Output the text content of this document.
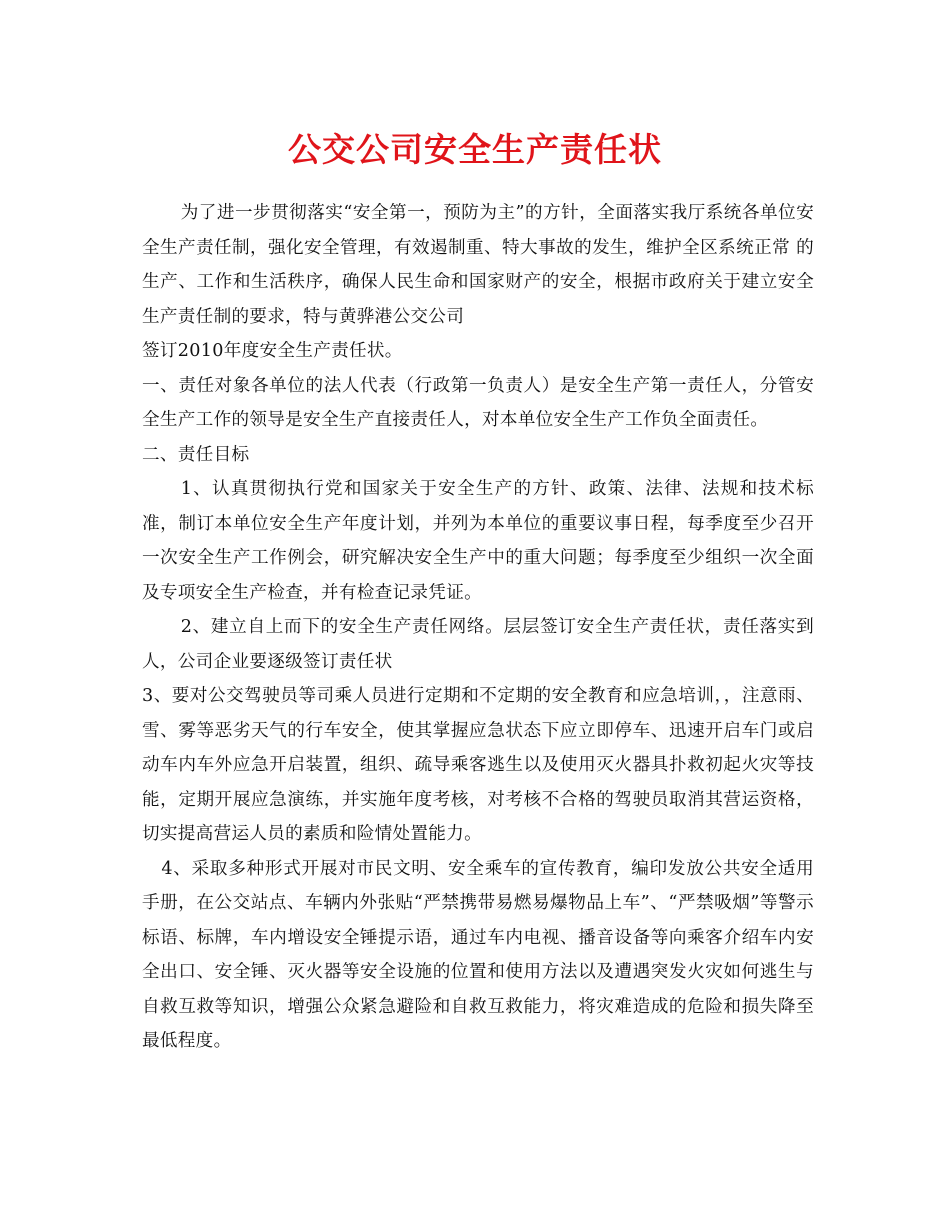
公交公司安全生产责任状

为了进一步贯彻落实“安全第一，预防为主”的方针，全面落实我厅系统各单位安全生产责任制，强化安全管理，有效遏制重、特大事故的发生，维护全区系统正常 的生产、工作和生活秩序，确保人民生命和国家财产的安全，根据市政府关于建立安全生产责任制的要求，特与黄骅港公交公司

签订2010年度安全生产责任状。

一、责任对象各单位的法人代表（行政第一负责人）是安全生产第一责任人，分管安全生产工作的领导是安全生产直接责任人，对本单位安全生产工作负全面责任。

二、责任目标

1、认真贯彻执行党和国家关于安全生产的方针、政策、法律、法规和技术标准，制订本单位安全生产年度计划，并列为本单位的重要议事日程，每季度至少召开一次安全生产工作例会，研究解决安全生产中的重大问题；每季度至少组织一次全面及专项安全生产检查，并有检查记录凭证。

2、建立自上而下的安全生产责任网络。层层签订安全生产责任状，责任落实到人，公司企业要逐级签订责任状

3、要对公交驾驶员等司乘人员进行定期和不定期的安全教育和应急培训，，注意雨、雪、雾等恶劣天气的行车安全，使其掌握应急状态下应立即停车、迅速开启车门或启动车内车外应急开启装置，组织、疏导乘客逃生以及使用灭火器具扑救初起火灾等技能，定期开展应急演练，并实施年度考核，对考核不合格的驾驶员取消其营运资格，切实提高营运人员的素质和险情处置能力。

4、采取多种形式开展对市民文明、安全乘车的宣传教育，编印发放公共安全适用手册，在公交站点、车辆内外张贴“严禁携带易燃易爆物品上车”、“严禁吸烟”等警示标语、标牌，车内增设安全锤提示语，通过车内电视、播音设备等向乘客介绍车内安全出口、安全锤、灭火器等安全设施的位置和使用方法以及遭遇突发火灾如何逃生与自救互救等知识，增强公众紧急避险和自救互救能力，将灾难造成的危险和损失降至最低程度。
